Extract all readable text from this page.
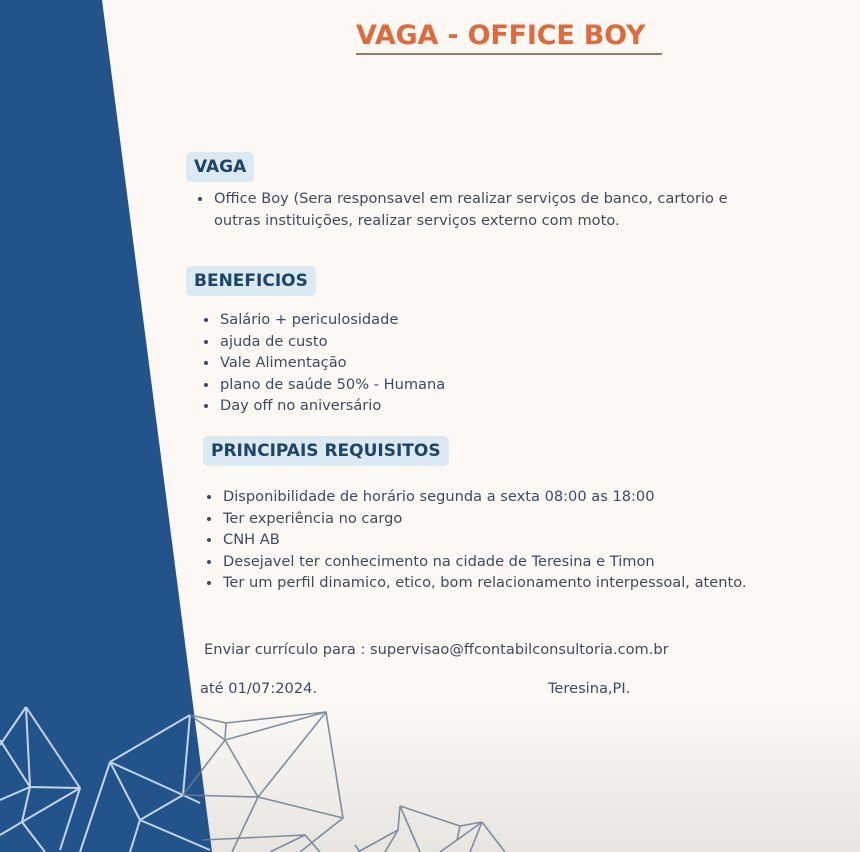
VAGA - OFFICE BOY
VAGA
Office Boy (Sera responsavel em realizar serviços de banco, cartorio e outras instituições, realizar serviços externo com moto.
BENEFICIOS
Salário + periculosidade
ajuda de custo
Vale Alimentação
plano de saúde 50% - Humana
Day off no aniversário
PRINCIPAIS REQUISITOS
Disponibilidade de horário segunda a sexta 08:00 as 18:00
Ter experiência no cargo
CNH AB
Desejavel ter conhecimento na cidade de Teresina e Timon
Ter um perfil dinamico, etico, bom relacionamento interpessoal, atento.
Enviar currículo para : supervisao@ffcontabilconsultoria.com.br
até 01/07:2024.	Teresina,PI.
